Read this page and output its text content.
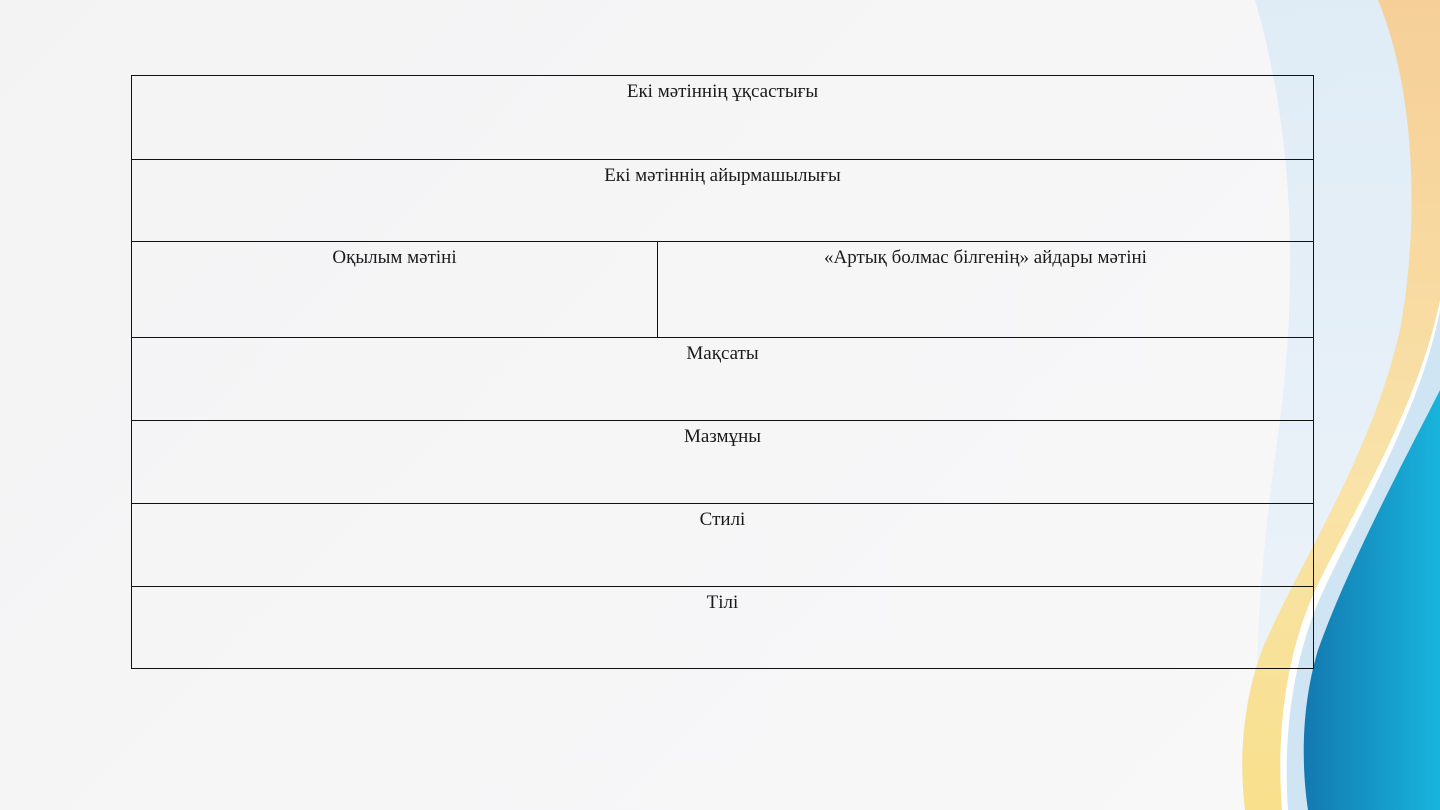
Екі мәтіннің ұқсастығы
Екі мәтіннің айырмашылығы
Оқылым мәтіні	«Артық болмас білгенің» айдары мәтіні
Мақсаты
Мазмұны
Стилі
Тілі
